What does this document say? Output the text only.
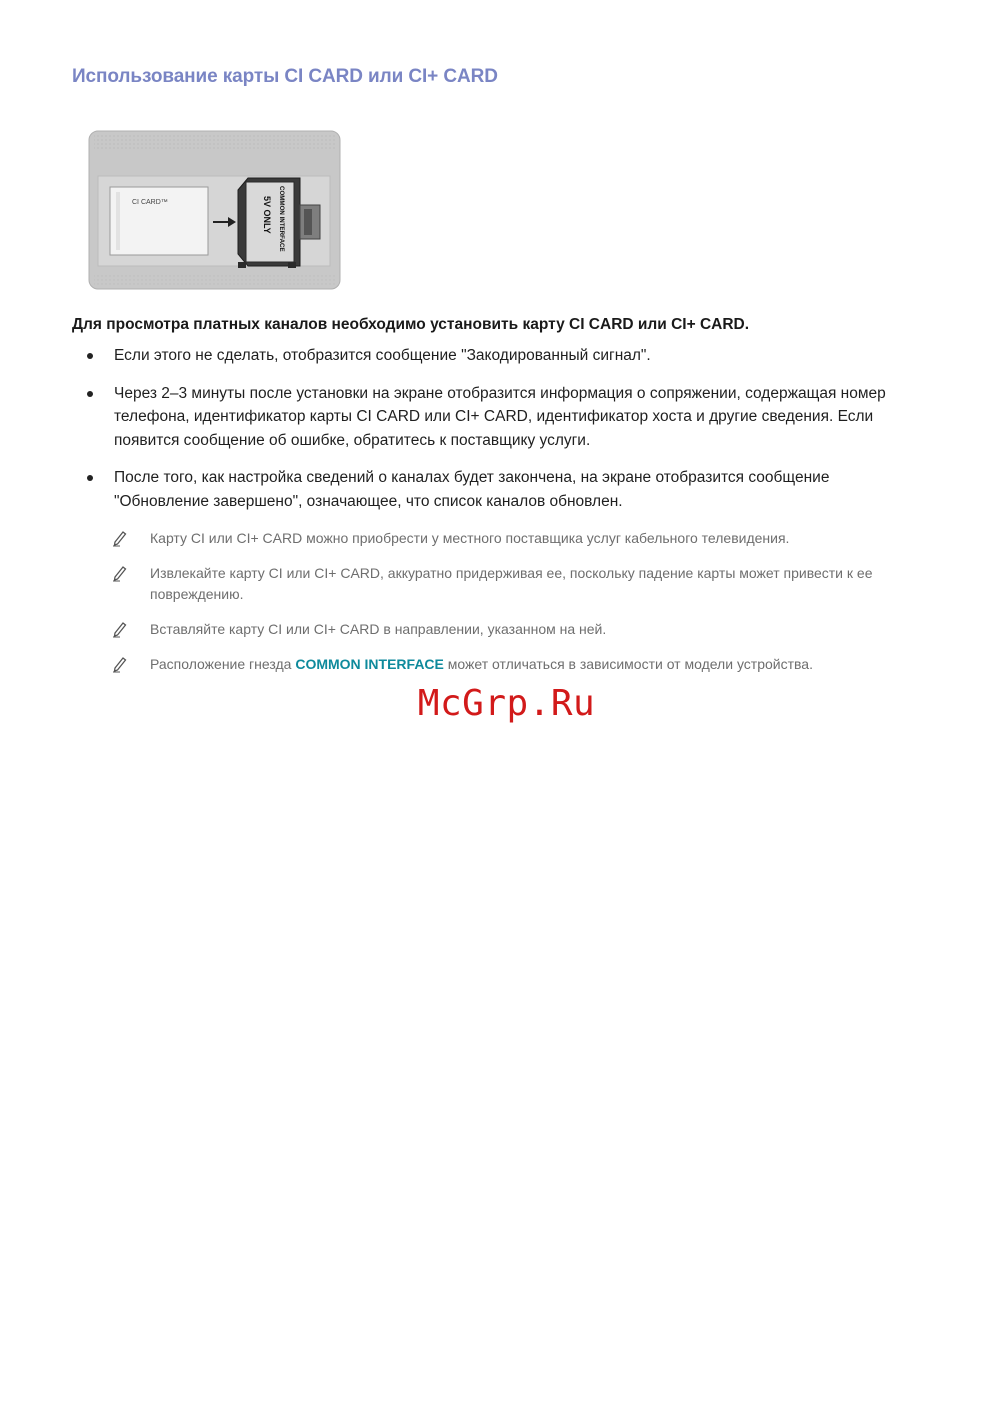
Использование карты CI CARD или CI+ CARD
CI CARD™	COMMON INTERFACE
5V ONLY

Для просмотра платных каналов необходимо установить карту CI CARD или CI+ CARD.

Если этого не сделать, отобразится сообщение "Закодированный сигнал".
Через 2–3 минуты после установки на экране отобразится информация о сопряжении, содержащая номер телефона, идентификатор карты CI CARD или CI+ CARD, идентификатор хоста и другие сведения. Если появится сообщение об ошибке, обратитесь к поставщику услуги.
После того, как настройка сведений о каналах будет закончена, на экране отобразится сообщение "Обновление завершено", означающее, что список каналов обновлен.
Карту CI или CI+ CARD можно приобрести у местного поставщика услуг кабельного телевидения.
Извлекайте карту CI или CI+ CARD, аккуратно придерживая ее, поскольку падение карты может привести к ее повреждению.
Вставляйте карту CI или CI+ CARD в направлении, указанном на ней.
Расположение гнезда COMMON INTERFACE может отличаться в зависимости от модели устройства.
McGrp.Ru
